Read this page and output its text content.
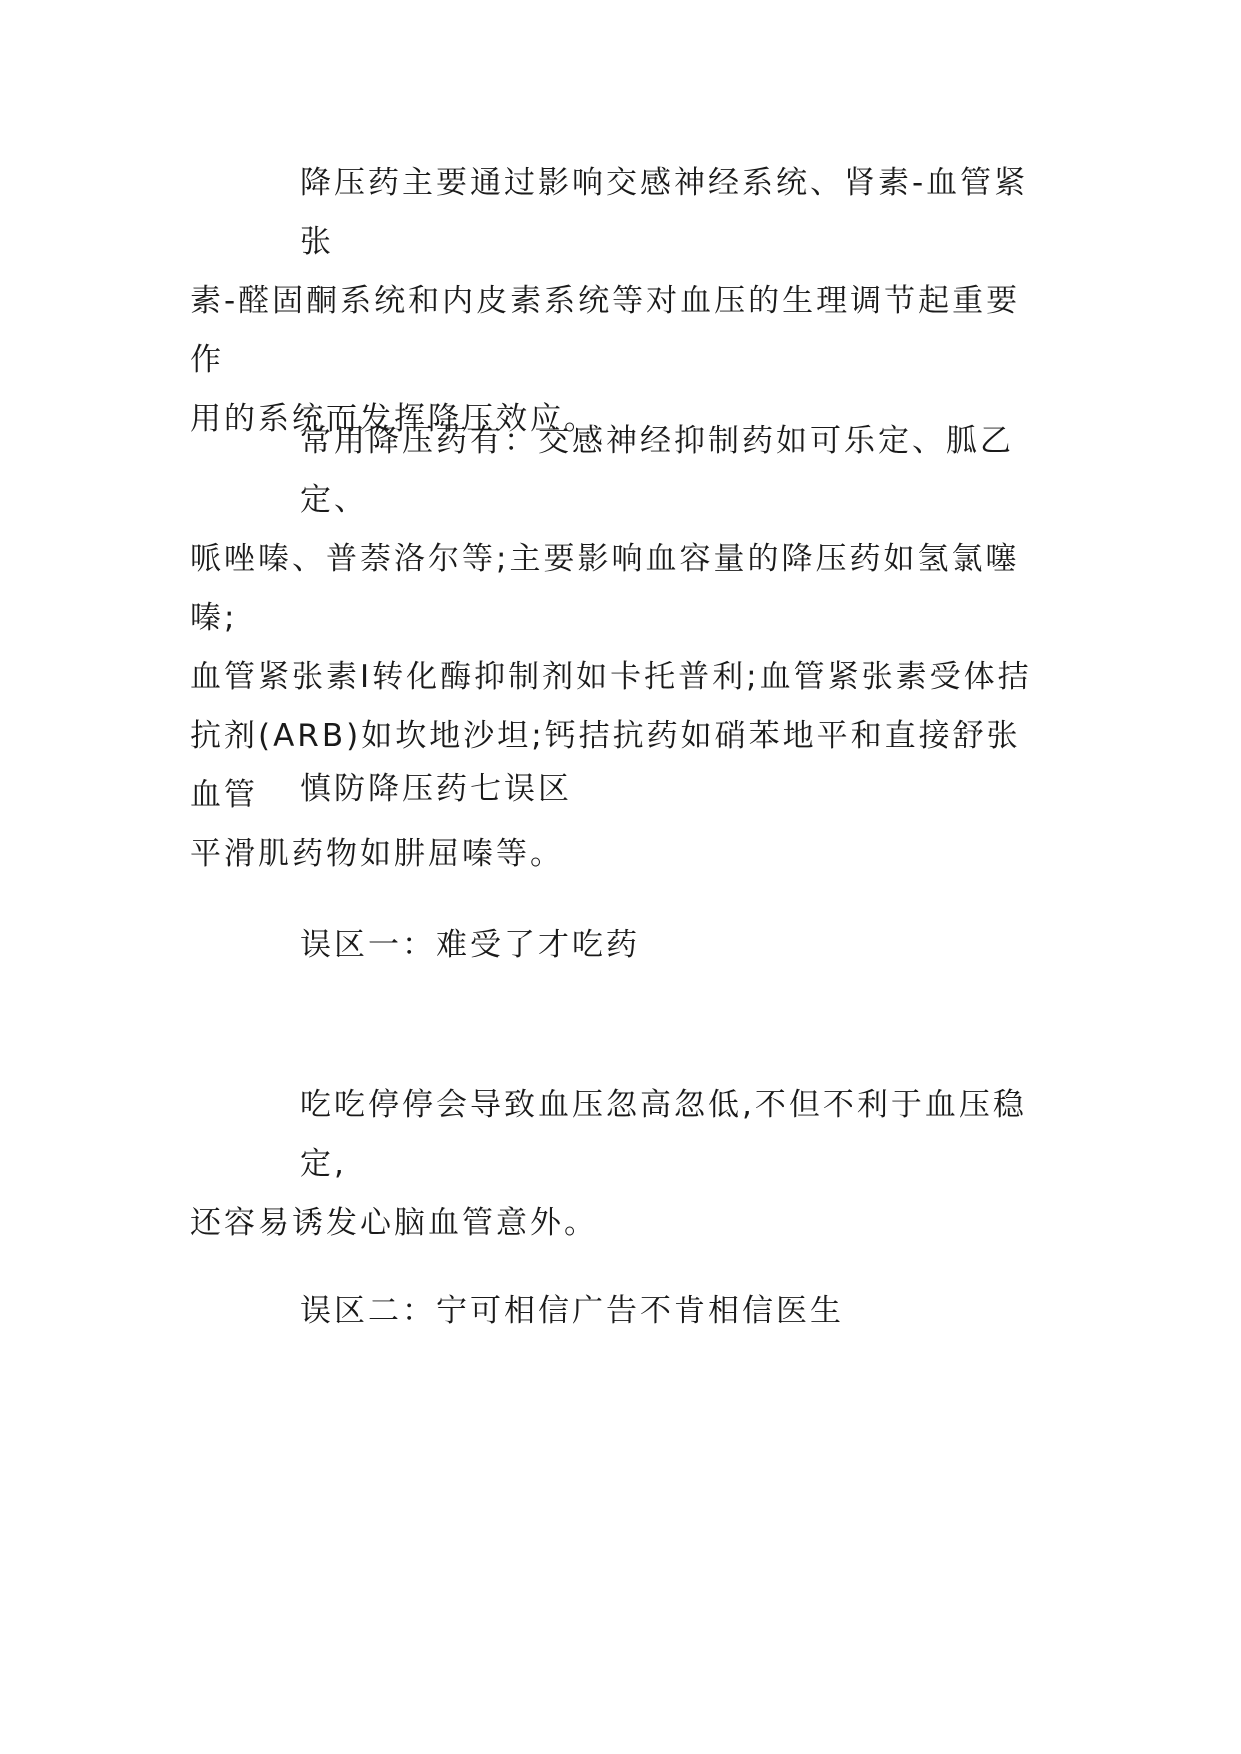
降压药主要通过影响交感神经系统、肾素-血管紧张
素-醛固酮系统和内皮素系统等对血压的生理调节起重要作
用的系统而发挥降压效应。
常用降压药有：交感神经抑制药如可乐定、胍乙定、
哌唑嗪、普萘洛尔等;主要影响血容量的降压药如氢氯噻嗪;
血管紧张素Ⅰ转化酶抑制剂如卡托普利;血管紧张素受体拮
抗剂(ARB)如坎地沙坦;钙拮抗药如硝苯地平和直接舒张血管
平滑肌药物如肼屈嗪等。

慎防降压药七误区

误区一：难受了才吃药

吃吃停停会导致血压忽高忽低,不但不利于血压稳定,
还容易诱发心脑血管意外。

误区二：宁可相信广告不肯相信医生
